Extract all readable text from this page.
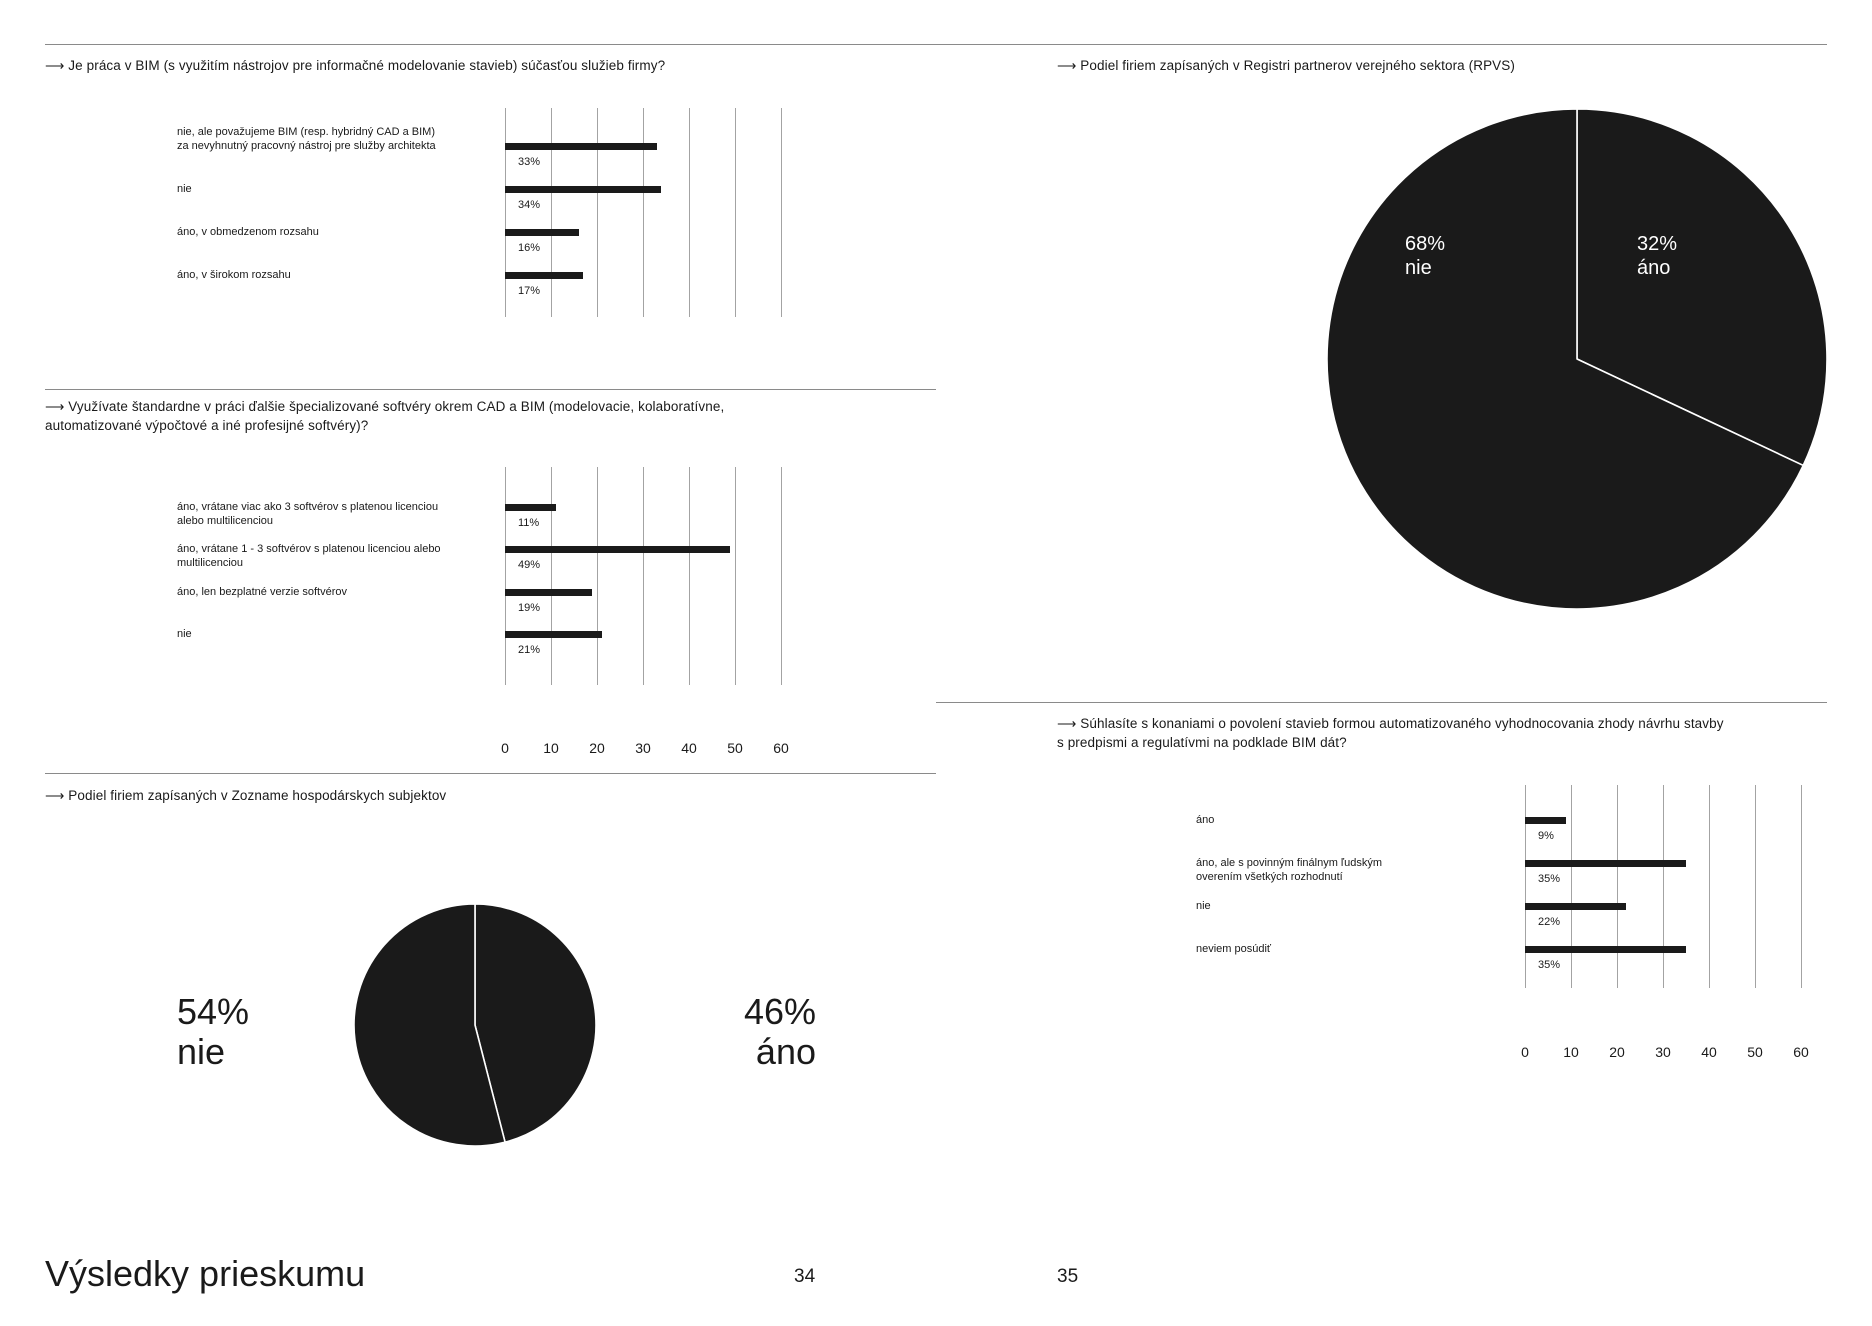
⟶ Je práca v BIM (s využitím nástrojov pre informačné modelovanie stavieb) súčasťou služieb firmy?
⟶ Využívate štandardne v práci ďalšie špecializované softvéry okrem CAD a BIM (modelovacie, kolaboratívne,
automatizované výpočtové a iné profesijné softvéry)?
⟶ Podiel firiem zapísaných v Zozname hospodárskych subjektov
⟶ Podiel firiem zapísaných v Registri partnerov verejného sektora (RPVS)
⟶ Súhlasíte s konaniami o povolení stavieb formou automatizovaného vyhodnocovania zhody návrhu stavby
s predpismi a regulatívmi na podklade BIM dát?
nie, ale považujeme BIM (resp. hybridný CAD a BIM)
za nevyhnutný pracovný nástroj pre služby architekta
33%
nie
34%
áno, v obmedzenom rozsahu
16%
áno, v širokom rozsahu
17%
áno, vrátane viac ako 3 softvérov s platenou licenciou
alebo multilicenciou	11%
áno, vrátane 1 - 3 softvérov s platenou licenciou alebo
multilicenciou	49%
áno, len bezplatné verzie softvérov
19%
nie
21%
0	10	20	30	40	50	60
54%
nie
46%
áno
68%
nie
32%
áno
áno
9%
áno, ale s povinným finálnym ľudským
overením všetkých rozhodnutí	35%
nie
22%
neviem posúdiť
35%
0	10	20	30	40	50	60
Výsledky prieskumu	34	35
